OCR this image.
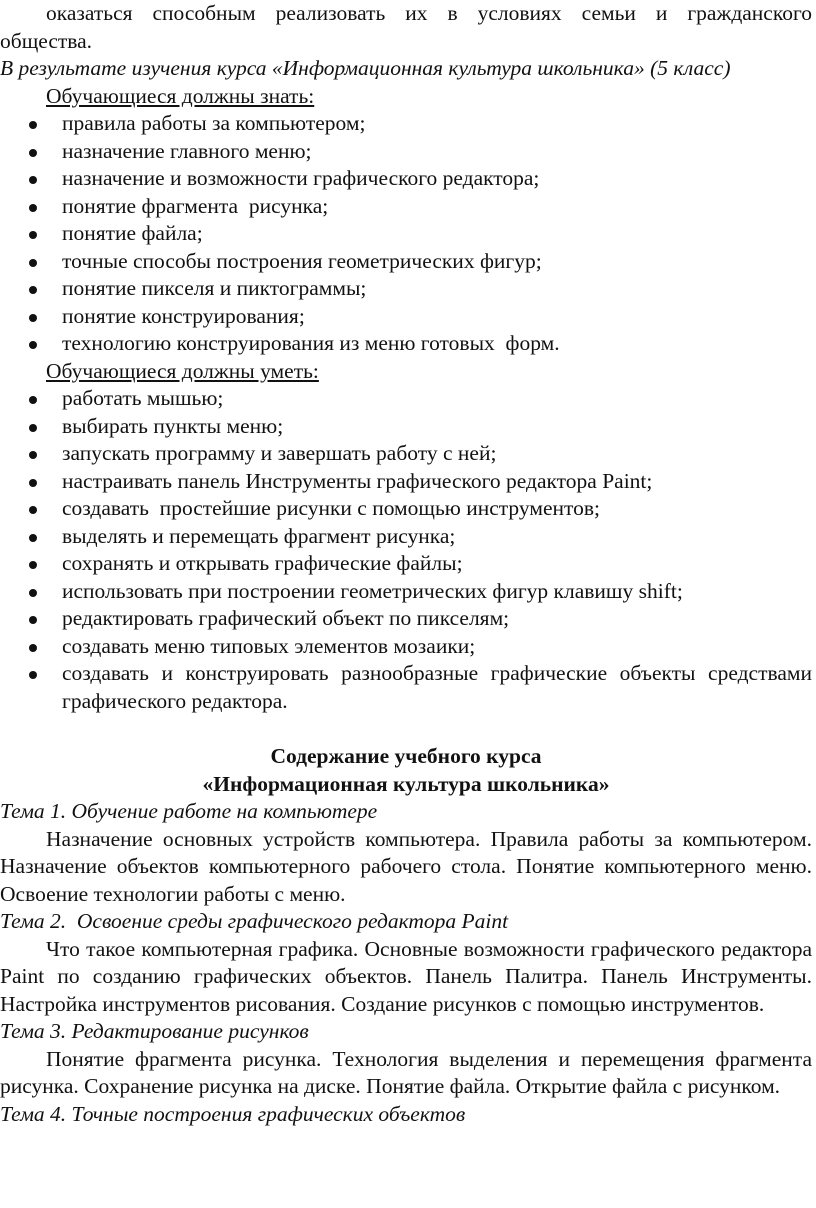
оказаться способным реализовать их в условиях семьи и гражданского

общества.

В результате изучения курса «Информационная культура школьника» (5 класс)

Обучающиеся должны знать:

правила работы за компьютером;
назначение главного меню;
назначение и возможности графического редактора;
понятие фрагмента  рисунка;
понятие файла;
точные способы построения геометрических фигур;
понятие пикселя и пиктограммы;
понятие конструирования;
технологию конструирования из меню готовых  форм.

Обучающиеся должны уметь:

работать мышью;
выбирать пункты меню;
запускать программу и завершать работу с ней;
настраивать панель Инструменты графического редактора Paint;
создавать  простейшие рисунки с помощью инструментов;
выделять и перемещать фрагмент рисунка;
сохранять и открывать графические файлы;
использовать при построении геометрических фигур клавишу shift;
редактировать графический объект по пикселям;
создавать меню типовых элементов мозаики;
создавать и конструировать разнообразные графические объекты средствами графического редактора.

Содержание учебного курса

«Информационная культура школьника»

Тема 1. Обучение работе на компьютере

Назначение основных устройств компьютера. Правила работы за компьютером. Назначение объектов компьютерного рабочего стола. Понятие компьютерного меню. Освоение технологии работы с меню.

Тема 2.  Освоение среды графического редактора Paint

Что такое компьютерная графика. Основные возможности графического редактора Paint по созданию графических объектов. Панель Палитра. Панель Инструменты. Настройка инструментов рисования. Создание рисунков с помощью инструментов.

Тема 3. Редактирование рисунков

Понятие фрагмента рисунка. Технология выделения и перемещения фрагмента рисунка. Сохранение рисунка на диске. Понятие файла. Открытие файла с рисунком.

Тема 4. Точные построения графических объектов
